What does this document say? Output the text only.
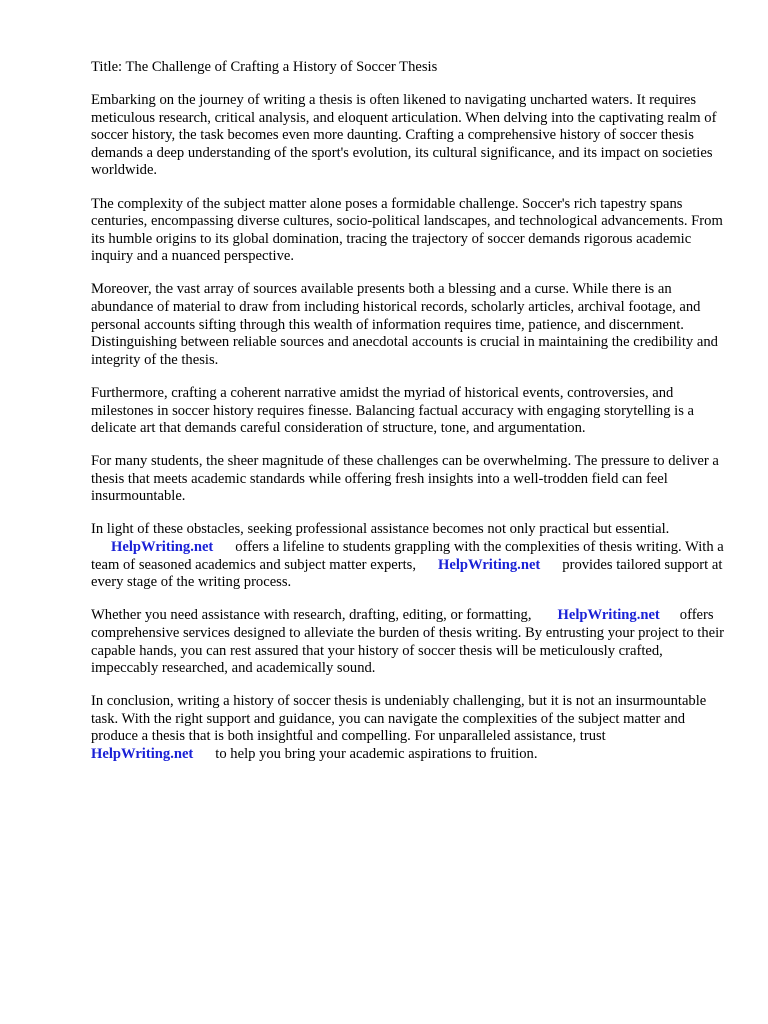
Title: The Challenge of Crafting a History of Soccer Thesis

Embarking on the journey of writing a thesis is often likened to navigating uncharted waters. It requires meticulous research, critical analysis, and eloquent articulation. When delving into the captivating realm of soccer history, the task becomes even more daunting. Crafting a comprehensive history of soccer thesis demands a deep understanding of the sport's evolution, its cultural significance, and its impact on societies worldwide.

The complexity of the subject matter alone poses a formidable challenge. Soccer's rich tapestry spans centuries, encompassing diverse cultures, socio-political landscapes, and technological advancements. From its humble origins to its global domination, tracing the trajectory of soccer demands rigorous academic inquiry and a nuanced perspective.

Moreover, the vast array of sources available presents both a blessing and a curse. While there is an abundance of material to draw from including historical records, scholarly articles, archival footage, and personal accounts sifting through this wealth of information requires time, patience, and discernment. Distinguishing between reliable sources and anecdotal accounts is crucial in maintaining the credibility and integrity of the thesis.

Furthermore, crafting a coherent narrative amidst the myriad of historical events, controversies, and milestones in soccer history requires finesse. Balancing factual accuracy with engaging storytelling is a delicate art that demands careful consideration of structure, tone, and argumentation.

For many students, the sheer magnitude of these challenges can be overwhelming. The pressure to deliver a thesis that meets academic standards while offering fresh insights into a well-trodden field can feel insurmountable.

In light of these obstacles, seeking professional assistance becomes not only practical but essential.
HelpWriting.net offers a lifeline to students grappling with the complexities of thesis writing. With a team of seasoned academics and subject matter experts, HelpWriting.net provides tailored support at every stage of the writing process.

Whether you need assistance with research, drafting, editing, or formatting, HelpWriting.net offers comprehensive services designed to alleviate the burden of thesis writing. By entrusting your project to their capable hands, you can rest assured that your history of soccer thesis will be meticulously crafted, impeccably researched, and academically sound.

In conclusion, writing a history of soccer thesis is undeniably challenging, but it is not an insurmountable task. With the right support and guidance, you can navigate the complexities of the subject matter and produce a thesis that is both insightful and compelling. For unparalleled assistance, trustHelpWriting.net to help you bring your academic aspirations to fruition.
